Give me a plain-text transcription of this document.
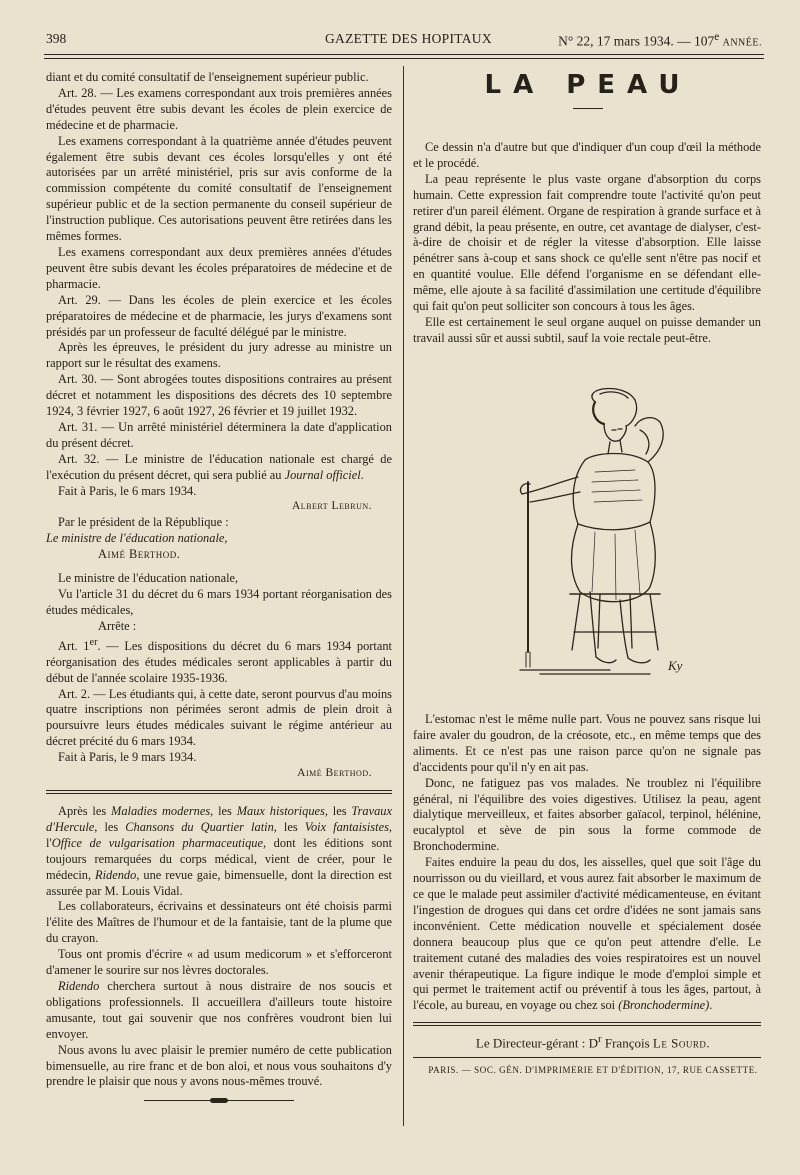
398	GAZETTE DES HOPITAUX	N° 22, 17 mars 1934. — 107e ANNÉE.

diant et du comité consultatif de l'enseignement supérieur public.

Art. 28. — Les examens correspondant aux trois premières années d'études peuvent être subis devant les écoles de plein exercice de médecine et de pharmacie.

Les examens correspondant à la quatrième année d'études peuvent également être subis devant ces écoles lorsqu'elles y ont été autorisées par un arrêté ministériel, pris sur avis conforme de la commission compétente du comité consultatif de l'enseignement supérieur public et de la section permanente du conseil supérieur de l'instruction publique. Ces autorisations peuvent être retirées dans les mêmes formes.

Les examens correspondant aux deux premières années d'études peuvent être subis devant les écoles préparatoires de médecine et de pharmacie.

Art. 29. — Dans les écoles de plein exercice et les écoles préparatoires de médecine et de pharmacie, les jurys d'examens sont présidés par un professeur de faculté délégué par le ministre.

Après les épreuves, le président du jury adresse au ministre un rapport sur le résultat des examens.

Art. 30. — Sont abrogées toutes dispositions contraires au présent décret et notamment les dispositions des décrets des 10 septembre 1924, 3 février 1927, 6 août 1927, 26 février et 19 juillet 1932.

Art. 31. — Un arrêté ministériel déterminera la date d'application du présent décret.

Art. 32. — Le ministre de l'éducation nationale est chargé de l'exécution du présent décret, qui sera publié au Journal officiel.

Fait à Paris, le 6 mars 1934.

Albert Lebrun.

Par le président de la République :

Le ministre de l'éducation nationale,

Aimé Berthod.

Le ministre de l'éducation nationale,

Vu l'article 31 du décret du 6 mars 1934 portant réorganisation des études médicales,

Arrête :

Art. 1er. — Les dispositions du décret du 6 mars 1934 portant réorganisation des études médicales seront applicables à partir du début de l'année scolaire 1935-1936.

Art. 2. — Les étudiants qui, à cette date, seront pourvus d'au moins quatre inscriptions non périmées seront admis de plein droit à poursuivre leurs études médicales suivant le régime antérieur au décret précité du 6 mars 1934.

Fait à Paris, le 9 mars 1934.

Aimé Berthod.

Après les Maladies modernes, les Maux historiques, les Travaux d'Hercule, les Chansons du Quartier latin, les Voix fantaisistes, l'Office de vulgarisation pharmaceutique, dont les éditions sont toujours remarquées du corps médical, vient de créer, pour le médecin, Ridendo, une revue gaie, bimensuelle, dont la direction est assurée par M. Louis Vidal.

Les collaborateurs, écrivains et dessinateurs ont été choisis parmi l'élite des Maîtres de l'humour et de la fantaisie, tant de la plume que du crayon.

Tous ont promis d'écrire « ad usum medicorum » et s'efforceront d'amener le sourire sur nos lèvres doctorales.

Ridendo cherchera surtout à nous distraire de nos soucis et obligations professionnels. Il accueillera d'ailleurs toute histoire amusante, tout gai souvenir que nos confrères voudront bien lui envoyer.

Nous avons lu avec plaisir le premier numéro de cette publication bimensuelle, au rire franc et de bon aloi, et nous vous souhaitons d'y prendre le plaisir que nous y avons nous-mêmes trouvé.

LA PEAU

Ce dessin n'a d'autre but que d'indiquer d'un coup d'œil la méthode et le procédé.

La peau représente le plus vaste organe d'absorption du corps humain. Cette expression fait comprendre toute l'activité qu'on peut retirer d'un pareil élément. Organe de respiration à grande surface et à grand débit, la peau présente, en outre, cet avantage de dialyser, c'est-à-dire de choisir et de régler la vitesse d'absorption. Elle laisse pénétrer sans à-coup et sans shock ce qu'elle sent n'être pas nocif et en quantité voulue. Elle défend l'organisme en se défendant elle-même, elle ajoute à sa facilité d'assimilation une certitude d'équilibre qui fait qu'on peut solliciter son concours à tous les âges.

Elle est certainement le seul organe auquel on puisse demander un travail aussi sûr et aussi subtil, sauf la voie rectale peut-être.

Ky

L'estomac n'est le même nulle part. Vous ne pouvez sans risque lui faire avaler du goudron, de la créosote, etc., en même temps que des aliments. Et ce n'est pas une raison parce qu'on ne signale pas d'accidents pour qu'il n'y en ait pas.

Donc, ne fatiguez pas vos malades. Ne troublez ni l'équilibre général, ni l'équilibre des voies digestives. Utilisez la peau, agent dialytique merveilleux, et faites absorber gaïacol, terpinol, hélénine, eucalyptol et sève de pin sous la forme commode de Bronchodermine.

Faites enduire la peau du dos, les aisselles, quel que soit l'âge du nourrisson ou du vieillard, et vous aurez fait absorber le maximum de ce que le malade peut assimiler d'activité médicamenteuse, en évitant l'ingestion de drogues qui dans cet ordre d'idées ne sont jamais sans inconvénient. Cette médication nouvelle et spécialement dosée donnera beaucoup plus que ce qu'on peut attendre d'elle. Le traitement cutané des maladies des voies respiratoires est un nouvel avenir thérapeutique. La figure indique le mode d'emploi simple et qui permet le traitement actif ou préventif à tous les âges, partout, à l'école, au bureau, en voyage ou chez soi (Bronchodermine).

Le Directeur-gérant : $D^r$ François Le Sourd.

PARIS. — SOC. GÉN. D'IMPRIMERIE ET D'ÉDITION, 17, RUE CASSETTE.
